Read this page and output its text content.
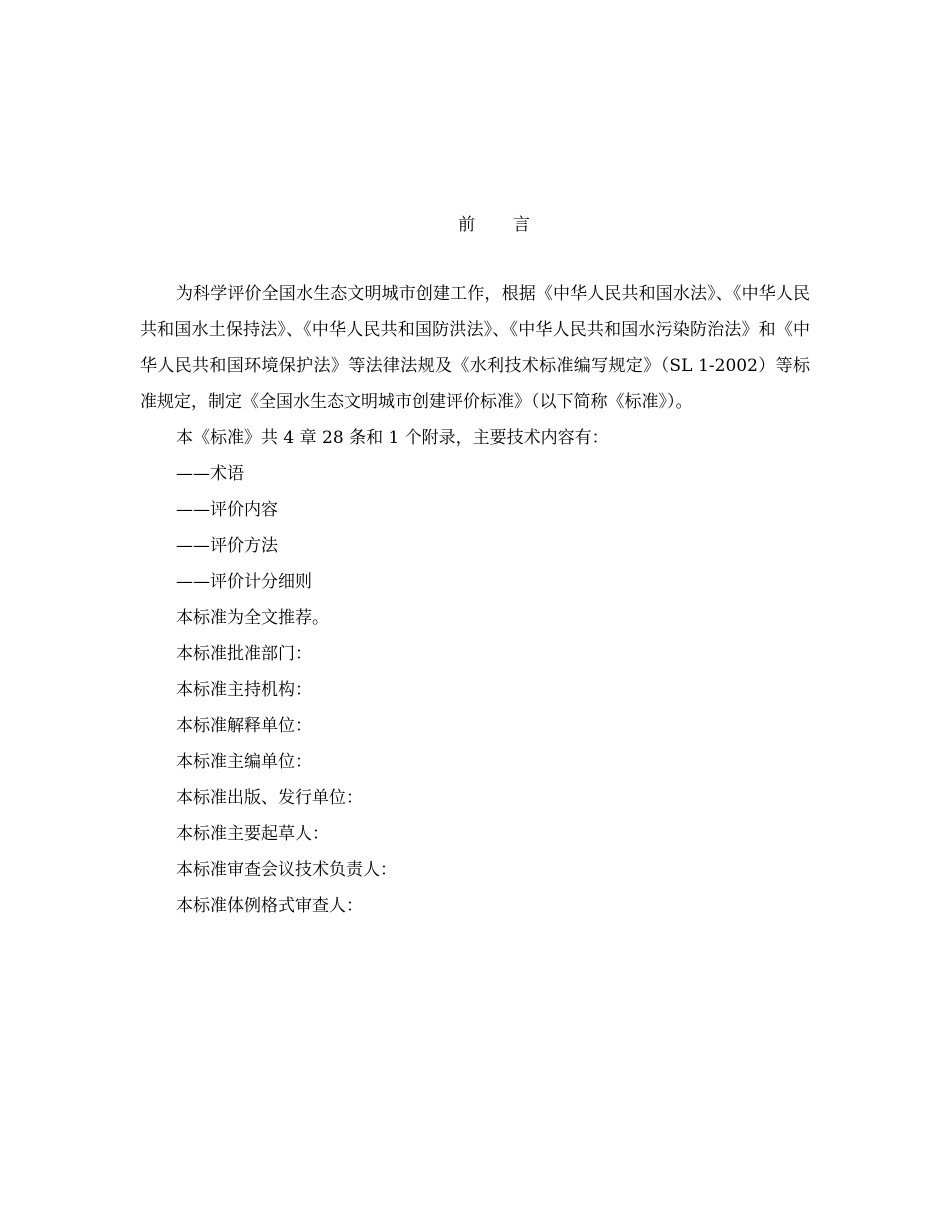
前 言

为科学评价全国水生态文明城市创建工作，根据《中华人民共和国水法》、《中华人民共和国水土保持法》、《中华人民共和国防洪法》、《中华人民共和国水污染防治法》和《中华人民共和国环境保护法》等法律法规及《水利技术标准编写规定》（SL 1-2002）等标准规定，制定《全国水生态文明城市创建评价标准》（以下简称《标准》）。

本《标准》共 4 章 28 条和 1 个附录，主要技术内容有：

——术语

——评价内容

——评价方法

——评价计分细则

本标准为全文推荐。

本标准批准部门：

本标准主持机构：

本标准解释单位：

本标准主编单位：

本标准出版、发行单位：

本标准主要起草人：

本标准审查会议技术负责人：

本标准体例格式审查人：
